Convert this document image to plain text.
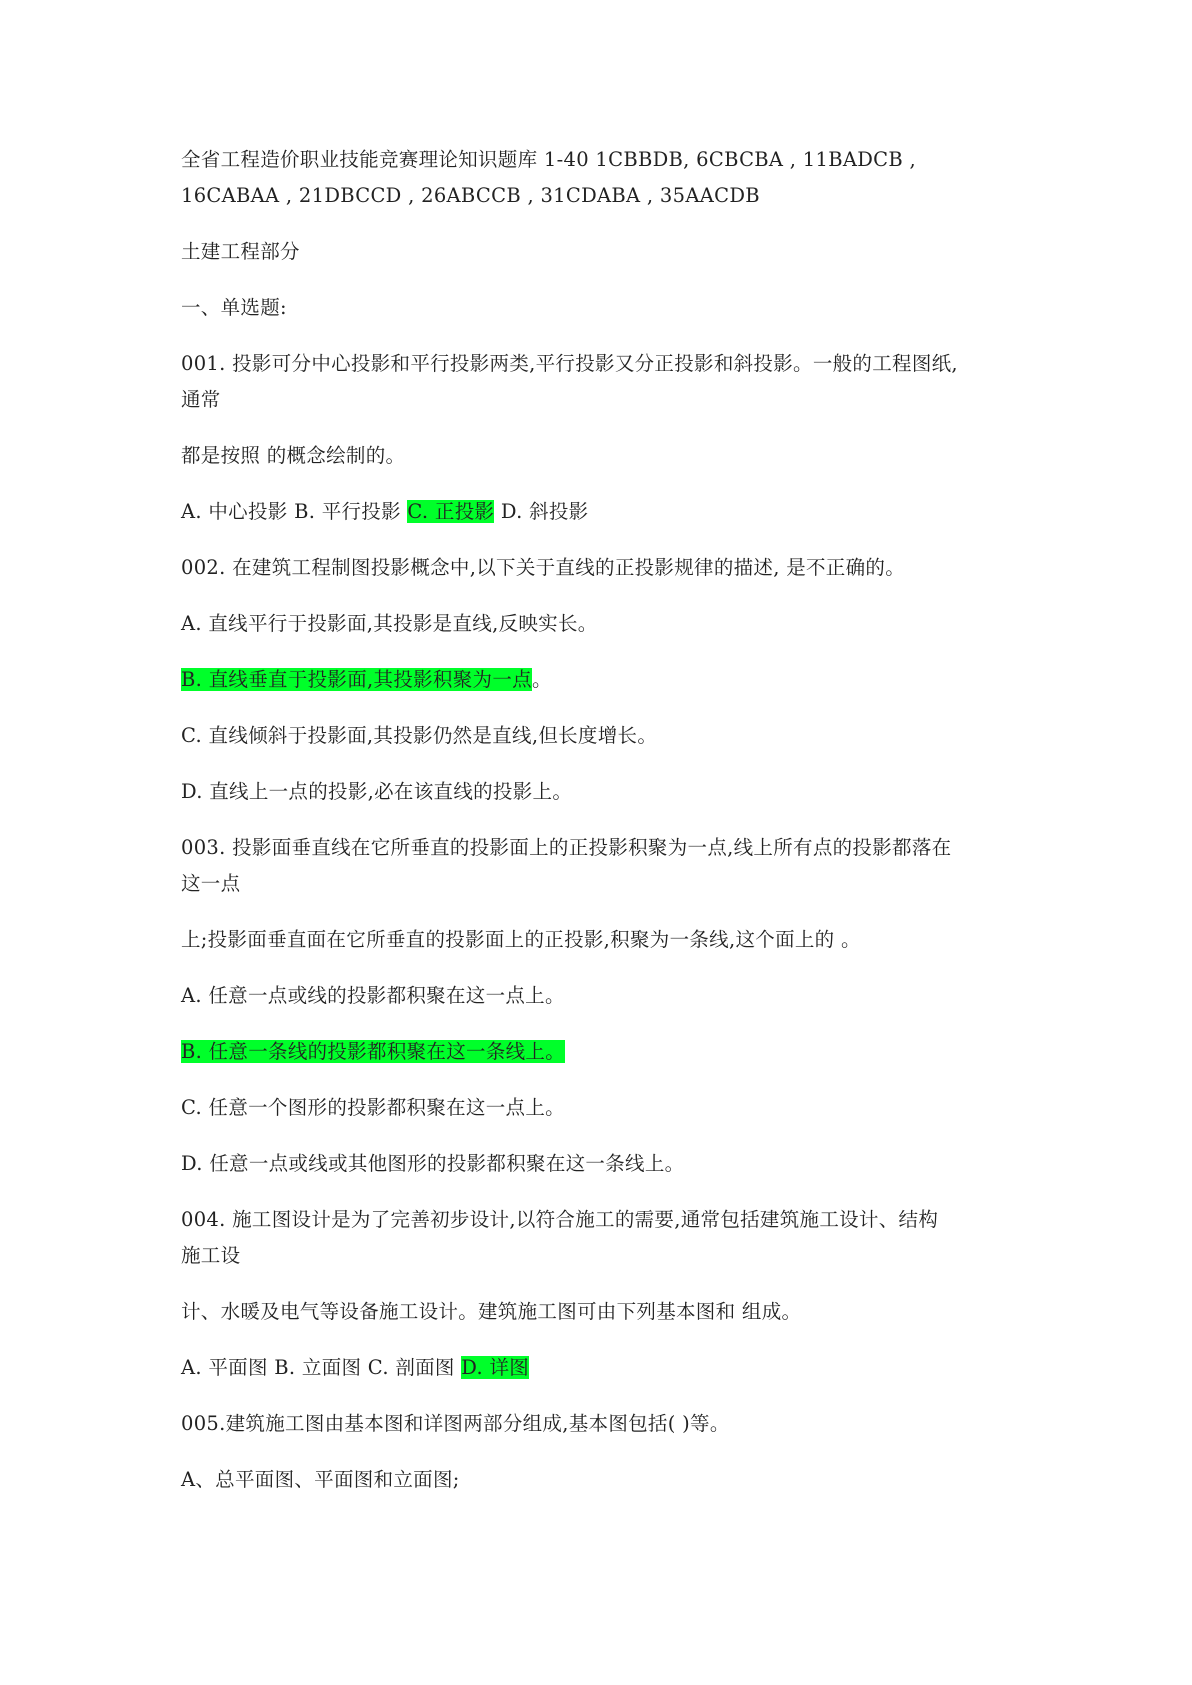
全省工程造价职业技能竞赛理论知识题库 1-40 1CBBDB, 6CBCBA , 11BADCB ,
16CABAA , 21DBCCD , 26ABCCB , 31CDABA , 35AACDB
土建工程部分
一、单选题:
001. 投影可分中心投影和平行投影两类,平行投影又分正投影和斜投影。一般的工程图纸,
通常
都是按照 的概念绘制的。
A. 中心投影 B. 平行投影 C. 正投影 D. 斜投影
002. 在建筑工程制图投影概念中,以下关于直线的正投影规律的描述, 是不正确的。
A. 直线平行于投影面,其投影是直线,反映实长。
B. 直线垂直于投影面,其投影积聚为一点。
C. 直线倾斜于投影面,其投影仍然是直线,但长度增长。
D. 直线上一点的投影,必在该直线的投影上。
003. 投影面垂直线在它所垂直的投影面上的正投影积聚为一点,线上所有点的投影都落在
这一点
上;投影面垂直面在它所垂直的投影面上的正投影,积聚为一条线,这个面上的 。
A. 任意一点或线的投影都积聚在这一点上。
B. 任意一条线的投影都积聚在这一条线上。
C. 任意一个图形的投影都积聚在这一点上。
D. 任意一点或线或其他图形的投影都积聚在这一条线上。
004. 施工图设计是为了完善初步设计,以符合施工的需要,通常包括建筑施工设计、结构
施工设
计、水暖及电气等设备施工设计。建筑施工图可由下列基本图和 组成。
A. 平面图 B. 立面图 C. 剖面图 D. 详图
005.建筑施工图由基本图和详图两部分组成,基本图包括( )等。
A、总平面图、平面图和立面图;
